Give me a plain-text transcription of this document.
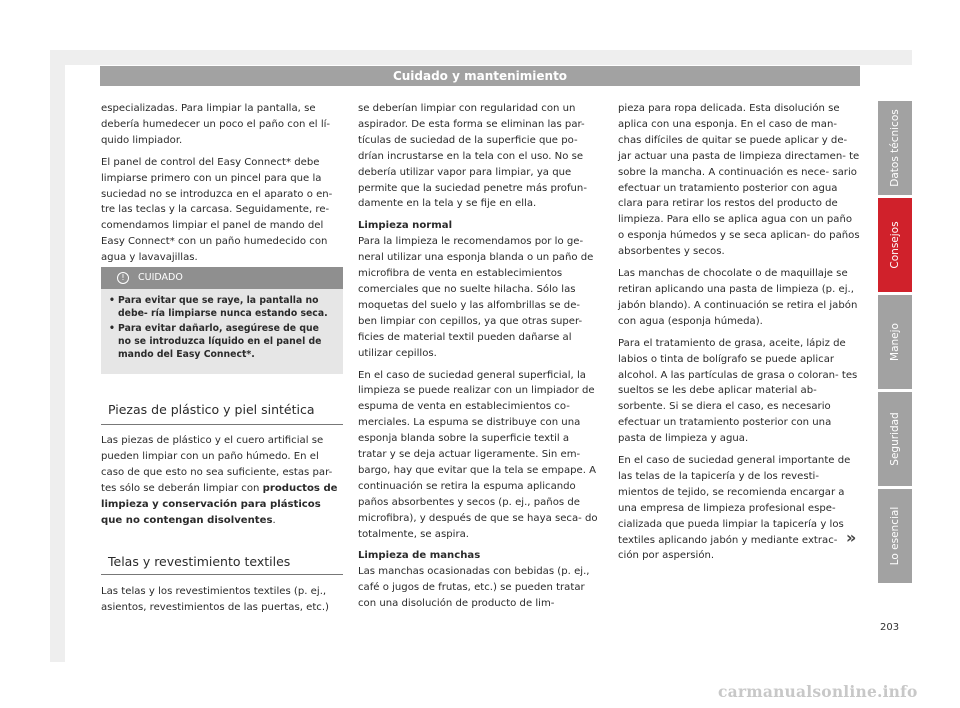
Cuidado y mantenimiento

especializadas. Para limpiar la pantalla, se debería humedecer un poco el paño con el lí- quido limpiador.

El panel de control del Easy Connect* debe limpiarse primero con un pincel para que la suciedad no se introduzca en el aparato o en- tre las teclas y la carcasa. Seguidamente, re- comendamos limpiar el panel de mando del Easy Connect* con un paño humedecido con agua y lavavajillas.

! CUIDADO
• Para evitar que se raye, la pantalla no debe- ría limpiarse nunca estando seca.
• Para evitar dañarlo, asegúrese de que no se introduzca líquido en el panel de mando del Easy Connect*.
Piezas de plástico y piel sintética
Las piezas de plástico y el cuero artificial se pueden limpiar con un paño húmedo. En el caso de que esto no sea suficiente, estas par- tes sólo se deberán limpiar con productos de limpieza y conservación para plásticos que no contengan disolventes.
Telas y revestimiento textiles
Las telas y los revestimientos textiles (p. ej., asientos, revestimientos de las puertas, etc.)

se deberían limpiar con regularidad con un aspirador. De esta forma se eliminan las par- tículas de suciedad de la superficie que po- drían incrustarse en la tela con el uso. No se debería utilizar vapor para limpiar, ya que permite que la suciedad penetre más profun- damente en la tela y se fije en ella.

Limpieza normal

Para la limpieza le recomendamos por lo ge- neral utilizar una esponja blanda o un paño de microfibra de venta en establecimientos comerciales que no suelte hilacha. Sólo las moquetas del suelo y las alfombrillas se de- ben limpiar con cepillos, ya que otras super- ficies de material textil pueden dañarse al utilizar cepillos.

En el caso de suciedad general superficial, la limpieza se puede realizar con un limpiador de espuma de venta en establecimientos co- merciales. La espuma se distribuye con una esponja blanda sobre la superficie textil a tratar y se deja actuar ligeramente. Sin em- bargo, hay que evitar que la tela se empape. A continuación se retira la espuma aplicando paños absorbentes y secos (p. ej., paños de microfibra), y después de que se haya seca- do totalmente, se aspira.

Limpieza de manchas

Las manchas ocasionadas con bebidas (p. ej., café o jugos de frutas, etc.) se pueden tratar con una disolución de producto de lim-

pieza para ropa delicada. Esta disolución se aplica con una esponja. En el caso de man- chas difíciles de quitar se puede aplicar y de- jar actuar una pasta de limpieza directamen- te sobre la mancha. A continuación es nece- sario efectuar un tratamiento posterior con agua clara para retirar los restos del producto de limpieza. Para ello se aplica agua con un paño o esponja húmedos y se seca aplican- do paños absorbentes y secos.

Las manchas de chocolate o de maquillaje se retiran aplicando una pasta de limpieza (p. ej., jabón blando). A continuación se retira el jabón con agua (esponja húmeda).

Para el tratamiento de grasa, aceite, lápiz de labios o tinta de bolígrafo se puede aplicar alcohol. A las partículas de grasa o coloran- tes sueltos se les debe aplicar material ab- sorbente. Si se diera el caso, es necesario efectuar un tratamiento posterior con una pasta de limpieza y agua.

En el caso de suciedad general importante de las telas de la tapicería y de los revesti- mientos de tejido, se recomienda encargar a una empresa de limpieza profesional espe- cializada que pueda limpiar la tapicería y los textiles aplicando jabón y mediante extrac- ción por aspersión.

Datos técnicos
Consejos
Manejo
Seguridad
Lo esencial
»
203
carmanualsonline.info
